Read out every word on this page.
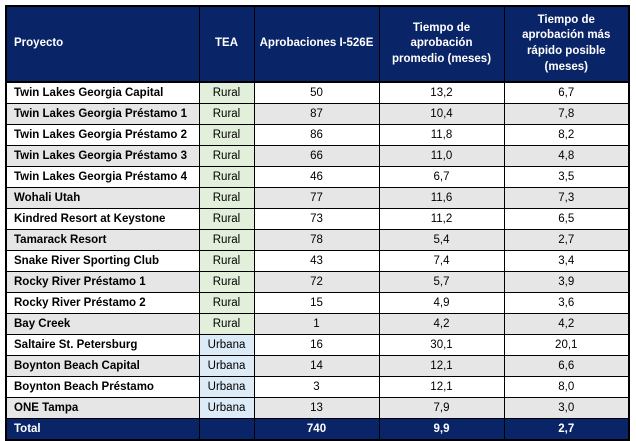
Proyecto	TEA	Aprobaciones I-526E	Tiempo de aprobación promedio (meses)	Tiempo de aprobación más rápido posible (meses)
Twin Lakes Georgia Capital	Rural	50	13,2	6,7
Twin Lakes Georgia Préstamo 1	Rural	87	10,4	7,8
Twin Lakes Georgia Préstamo 2	Rural	86	11,8	8,2
Twin Lakes Georgia Préstamo 3	Rural	66	11,0	4,8
Twin Lakes Georgia Préstamo 4	Rural	46	6,7	3,5
Wohali Utah	Rural	77	11,6	7,3
Kindred Resort at Keystone	Rural	73	11,2	6,5
Tamarack Resort	Rural	78	5,4	2,7
Snake River Sporting Club	Rural	43	7,4	3,4
Rocky River Préstamo 1	Rural	72	5,7	3,9
Rocky River Préstamo 2	Rural	15	4,9	3,6
Bay Creek	Rural	1	4,2	4,2
Saltaire St. Petersburg	Urbana	16	30,1	20,1
Boynton Beach Capital	Urbana	14	12,1	6,6
Boynton Beach Préstamo	Urbana	3	12,1	8,0
ONE Tampa	Urbana	13	7,9	3,0
Total		740	9,9	2,7
